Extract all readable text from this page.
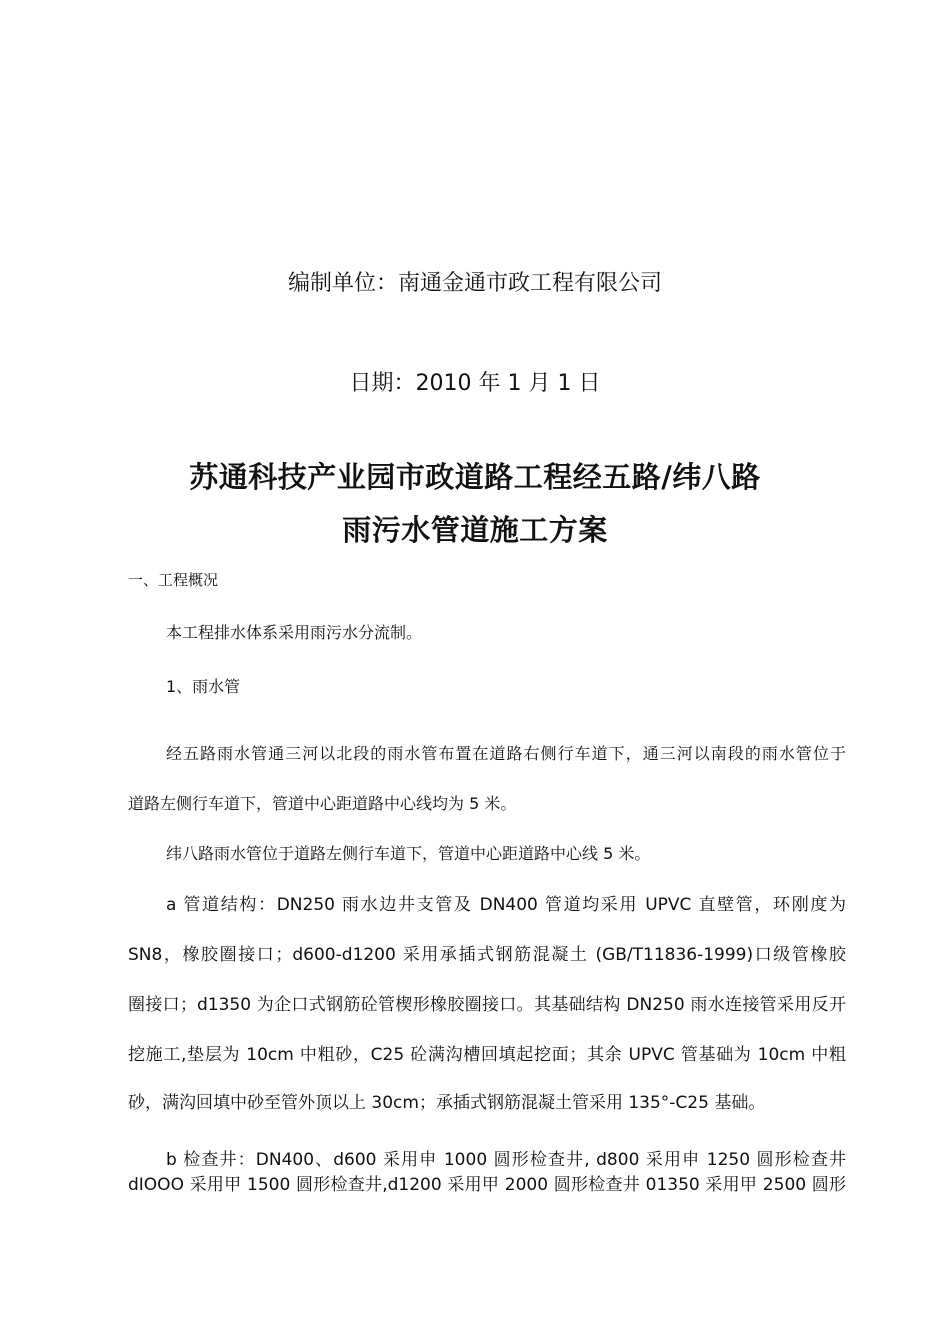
编制单位：南通金通市政工程有限公司
日期：2010 年 1 月 1 日
苏通科技产业园市政道路工程经五路/纬八路
雨污水管道施工方案
一、工程概况
本工程排水体系采用雨污水分流制。
1、雨水管
经五路雨水管通三河以北段的雨水管布置在道路右侧行车道下，通三河以南段的雨水管位于
道路左侧行车道下，管道中心距道路中心线均为 5 米。
纬八路雨水管位于道路左侧行车道下，管道中心距道路中心线 5 米。
a 管道结构：DN250 雨水边井支管及 DN400 管道均采用 UPVC 直壁管，环刚度为
SN8，橡胶圈接口；d600-d1200 采用承插式钢筋混凝土 (GB/T11836-1999)口级管橡胶
圈接口；d1350 为企口式钢筋砼管楔形橡胶圈接口。其基础结构 DN250 雨水连接管采用反开
挖施工,垫层为 10cm 中粗砂，C25 砼满沟槽回填起挖面；其余 UPVC 管基础为 10cm 中粗
砂，满沟回填中砂至管外顶以上 30cm；承插式钢筋混凝土管采用 135°-C25 基础。
b 检查井：DN400、d600 采用申 1000 圆形检查井, d800 采用申 1250 圆形检查井
dIOOO 采用甲 1500 圆形检查井,d1200 采用甲 2000 圆形检查井 01350 采用甲 2500 圆形
